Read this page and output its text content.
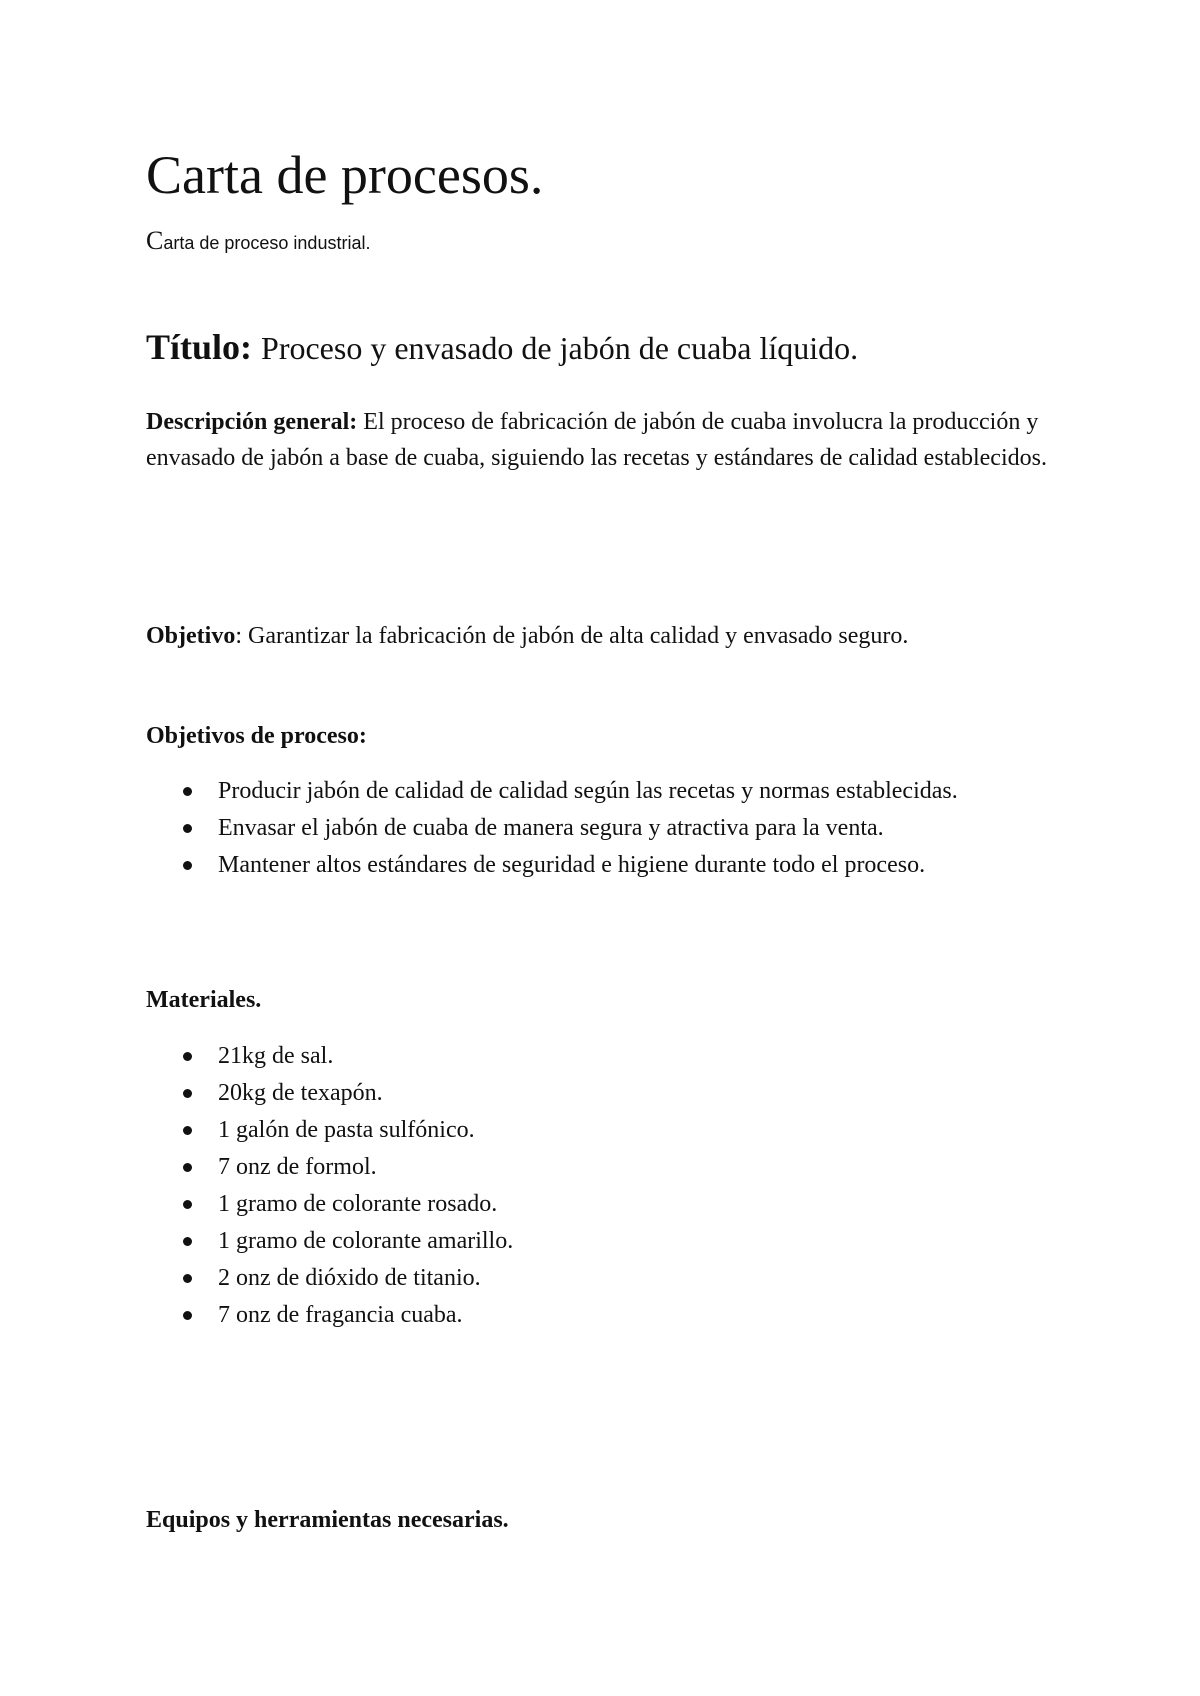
Carta de procesos.

Carta de proceso industrial.

Título: Proceso y envasado de jabón de cuaba líquido.

Descripción general: El proceso de fabricación de jabón de cuaba involucra la producción y envasado de jabón a base de cuaba, siguiendo las recetas y estándares de calidad establecidos.

Objetivo: Garantizar la fabricación de jabón de alta calidad y envasado seguro.

Objetivos de proceso:
Producir jabón de calidad de calidad según las recetas y normas establecidas.
Envasar el jabón de cuaba de manera segura y atractiva para la venta.
Mantener altos estándares de seguridad e higiene durante todo el proceso.
Materiales.
21kg de sal.
20kg de texapón.
1 galón de pasta sulfónico.
7 onz de formol.
1 gramo de colorante rosado.
1 gramo de colorante amarillo.
2 onz de dióxido de titanio.
7 onz de fragancia cuaba.
Equipos y herramientas necesarias.
